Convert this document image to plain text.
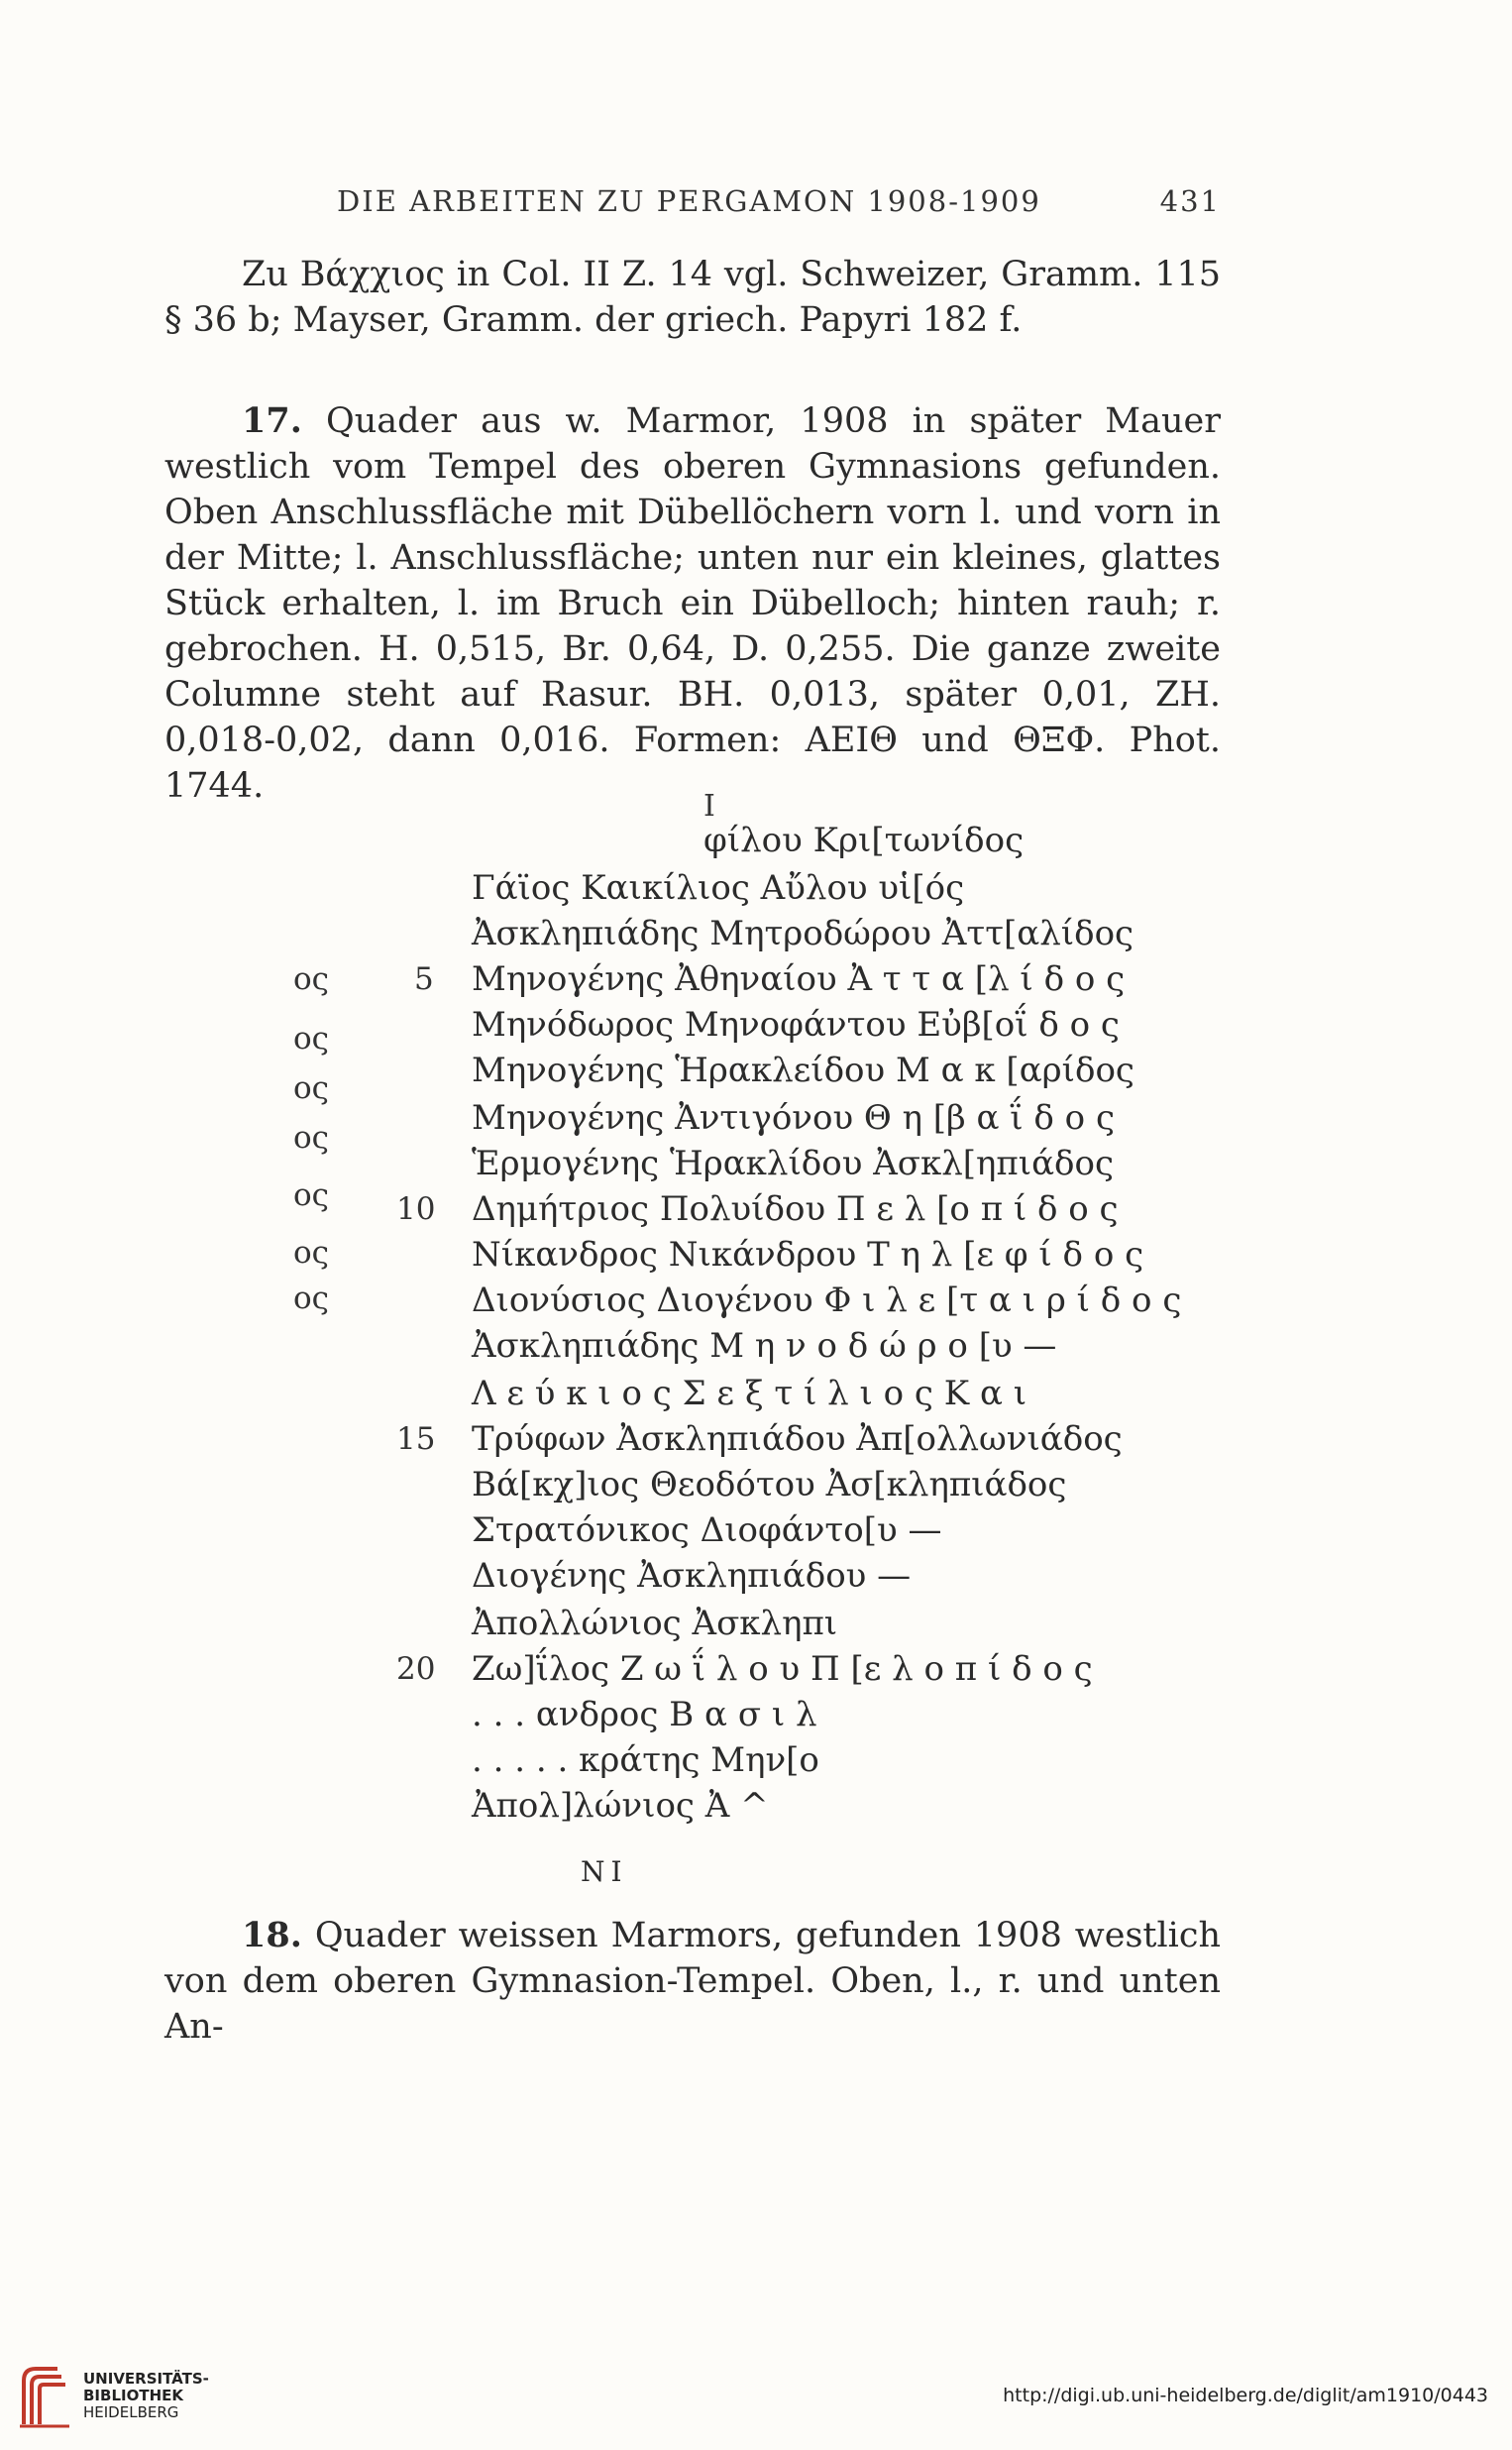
DIE ARBEITEN ZU PERGAMON 1908-1909	431
Zu Βάχχιος in Col. II Z. 14 vgl. Schweizer, Gramm. 115 § 36 b; Mayser, Gramm. der griech. Papyri 182 f.
17. Quader aus w. Marmor, 1908 in später Mauer westlich vom Tempel des oberen Gymnasions gefunden. Oben Anschlussfläche mit Dübellöchern vorn l. und vorn in der Mitte; l. Anschlussfläche; unten nur ein kleines, glattes Stück erhalten, l. im Bruch ein Dübelloch; hinten rauh; r. gebrochen. H. 0,515, Br. 0,64, D. 0,255. Die ganze zweite Columne steht auf Rasur. BH. 0,013, später 0,01, ZH. 0,018-0,02, dann 0,016. Formen: ΑΕΙΘ und ΘΞΦ. Phot. 1744.
I
φίλου Κρι[τωνίδος
Γάϊος Καικίλιος Αὔλου υἱ[ός
Ἀσκληπιάδης Μητροδώρου Ἀττ[αλίδος
Μηνογένης Ἀθηναίου Ἀ τ τ α [λ ί δ ο ς
Μηνόδωρος Μηνοφάντου Εὐβ[οΐ δ ο ς
Μηνογένης Ἡρακλείδου Μ α κ [αρίδος
Μηνογένης Ἀντιγόνου Θ η [β α ΐ δ ο ς
Ἑρμογένης Ἡρακλίδου Ἀσκλ[ηπιάδος
Δημήτριος Πολυίδου Π ε λ [ο π ί δ ο ς
Νίκανδρος Νικάνδρου Τ η λ [ε φ ί δ ο ς
Διονύσιος Διογένου Φ ι λ ε [τ α ι ρ ί δ ο ς
Ἀσκληπιάδης Μ η ν ο δ ώ ρ ο [υ —
Λ ε ύ κ ι ο ς Σ ε ξ τ ί λ ι ο ς Κ α ι
Τρύφων Ἀσκληπιάδου Ἀπ[ολλωνιάδος
Βά[κχ]ιος Θεοδότου Ἀσ[κληπιάδος
Στρατόνικος Διοφάντο[υ —
Διογένης Ἀσκληπιάδου —
Ἀπολλώνιος Ἀσκληπι
Ζω]ΐλος Ζ ω ΐ λ ο υ Π [ε λ ο π ί δ ο ς
. . . ανδρος Β α σ ι λ
. . . . . κράτης Μην[ο
Ἀπολ]λώνιος Ἀ ^
ΝΙ
5
10
15
20
ος
ος
ος
ος
ος
ος
ος
18. Quader weissen Marmors, gefunden 1908 westlich von dem oberen Gymnasion-Tempel. Oben, l., r. und unten An-
UNIVERSITÄTS-
BIBLIOTHEK
HEIDELBERG
http://digi.ub.uni-heidelberg.de/diglit/am1910/0443
